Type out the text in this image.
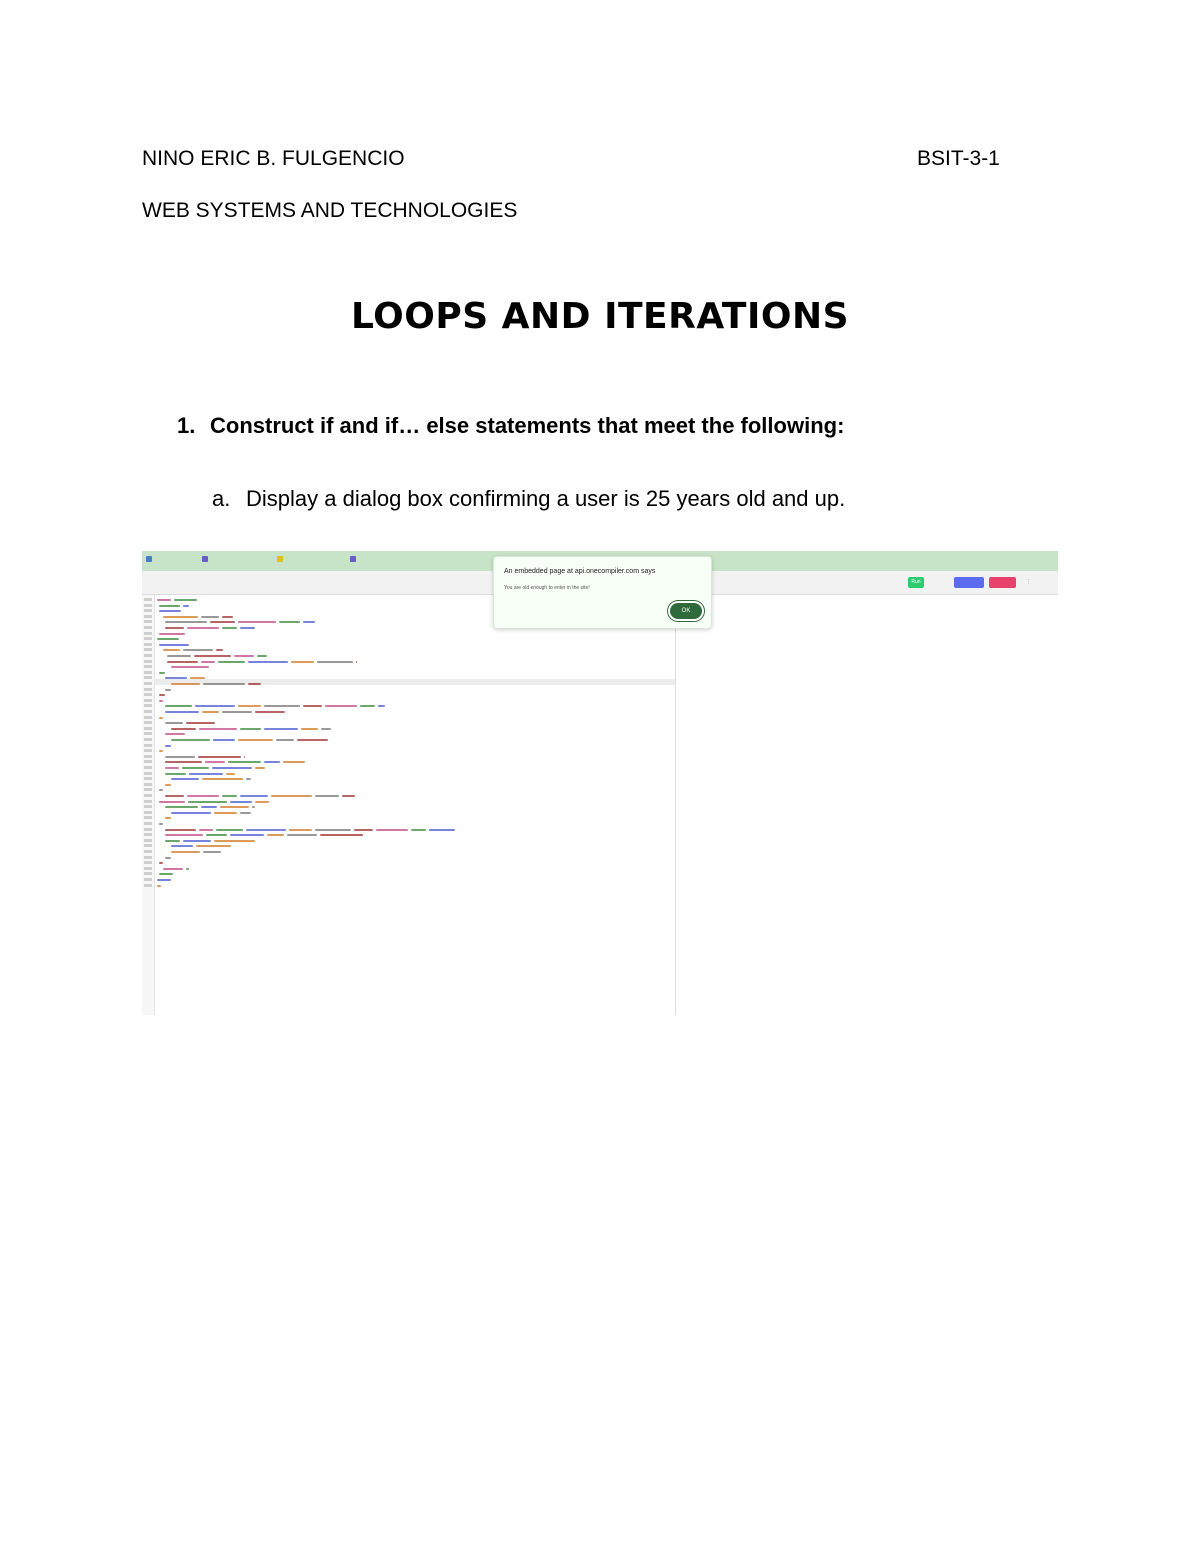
NINO ERIC B. FULGENCIO	BSIT-3-1
WEB SYSTEMS AND TECHNOLOGIES
LOOPS AND ITERATIONS
1. Construct if and if… else statements that meet the following:
a. Display a dialog box confirming a user is 25 years old and up.
Run	⋮
An embedded page at api.onecompiler.com says
You are old enough to enter in the site!
OK
